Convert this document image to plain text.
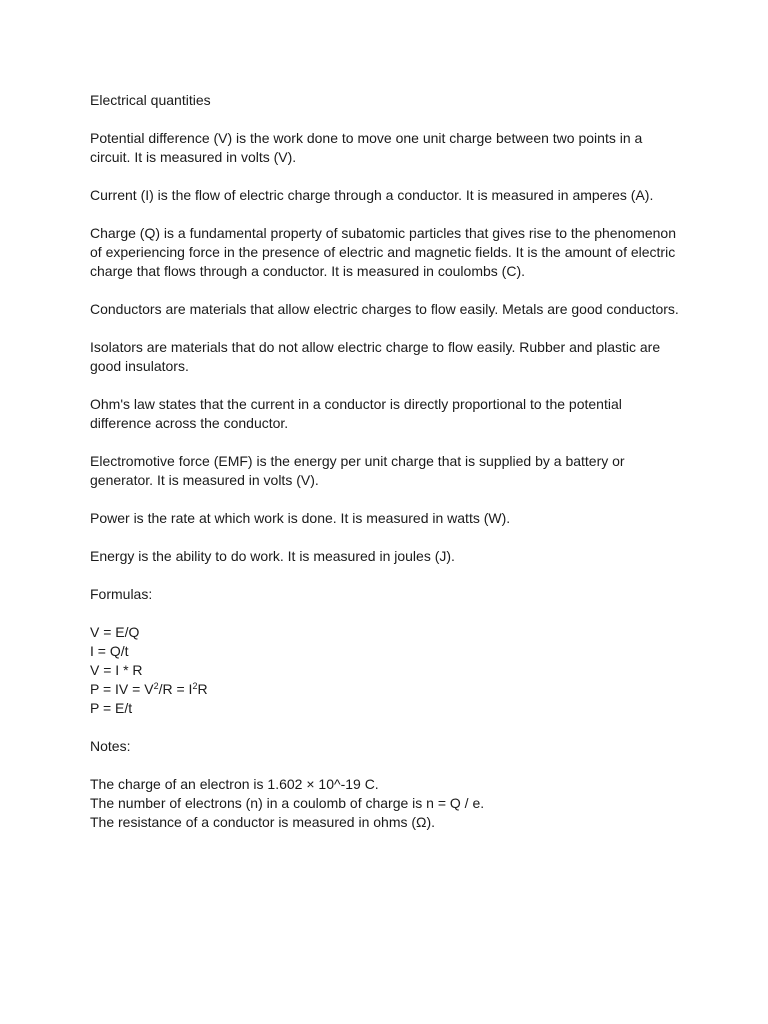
Electrical quantities
Potential difference (V) is the work done to move one unit charge between two points in a
circuit. It is measured in volts (V).
Current (I) is the flow of electric charge through a conductor. It is measured in amperes (A).
Charge (Q) is a fundamental property of subatomic particles that gives rise to the phenomenon
of experiencing force in the presence of electric and magnetic fields. It is the amount of electric
charge that flows through a conductor. It is measured in coulombs (C).
Conductors are materials that allow electric charges to flow easily. Metals are good conductors.
Isolators are materials that do not allow electric charge to flow easily. Rubber and plastic are
good insulators.
Ohm's law states that the current in a conductor is directly proportional to the potential
difference across the conductor.
Electromotive force (EMF) is the energy per unit charge that is supplied by a battery or
generator. It is measured in volts (V).
Power is the rate at which work is done. It is measured in watts (W).
Energy is the ability to do work. It is measured in joules (J).
Formulas:
V = E/Q
I = Q/t
V = I * R
P = IV = $V^2/R = I^2R$
P = E/t
Notes:
The charge of an electron is 1.602 × 10^-19 C.
The number of electrons (n) in a coulomb of charge is n = Q / e.
The resistance of a conductor is measured in ohms (Ω).
